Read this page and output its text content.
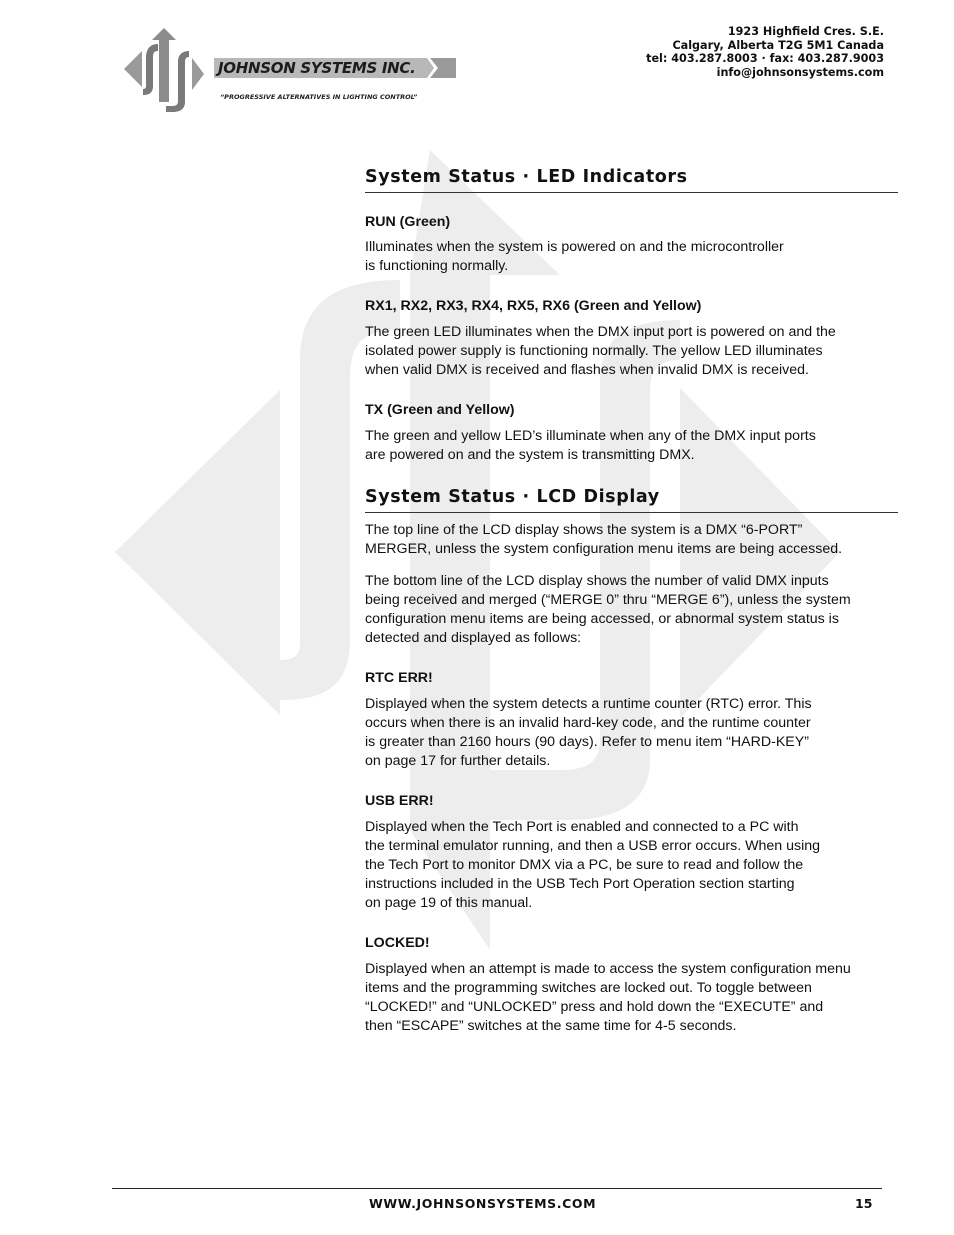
JOHNSON SYSTEMS INC.
“PROGRESSIVE ALTERNATIVES IN LIGHTING CONTROL”
1923 Highfield Cres. S.E.
Calgary, Alberta T2G 5M1 Canada
tel: 403.287.8003 · fax: 403.287.9003
info@johnsonsystems.com
System Status · LED Indicators

RUN (Green)

Illuminates when the system is powered on and the microcontroller
is functioning normally.

RX1, RX2, RX3, RX4, RX5, RX6 (Green and Yellow)

The green LED illuminates when the DMX input port is powered on and the
isolated power supply is functioning normally. The yellow LED illuminates
when valid DMX is received and flashes when invalid DMX is received.

TX (Green and Yellow)

The green and yellow LED’s illuminate when any of the DMX input ports
are powered on and the system is transmitting DMX.

System Status · LCD Display

The top line of the LCD display shows the system is a DMX “6-PORT”
MERGER, unless the system configuration menu items are being accessed.

The bottom line of the LCD display shows the number of valid DMX inputs
being received and merged (“MERGE 0” thru “MERGE 6”), unless the system
configuration menu items are being accessed, or abnormal system status is
detected and displayed as follows:

RTC ERR!

Displayed when the system detects a runtime counter (RTC) error. This
occurs when there is an invalid hard-key code, and the runtime counter
is greater than 2160 hours (90 days). Refer to menu item “HARD-KEY”
on page 17 for further details.

USB ERR!

Displayed when the Tech Port is enabled and connected to a PC with
the terminal emulator running, and then a USB error occurs. When using
the Tech Port to monitor DMX via a PC, be sure to read and follow the
instructions included in the USB Tech Port Operation section starting
on page 19 of this manual.

LOCKED!

Displayed when an attempt is made to access the system configuration menu
items and the programming switches are locked out. To toggle between
“LOCKED!” and “UNLOCKED” press and hold down the “EXECUTE” and
then “ESCAPE” switches at the same time for 4-5 seconds.

WWW.JOHNSONSYSTEMS.COM	15
